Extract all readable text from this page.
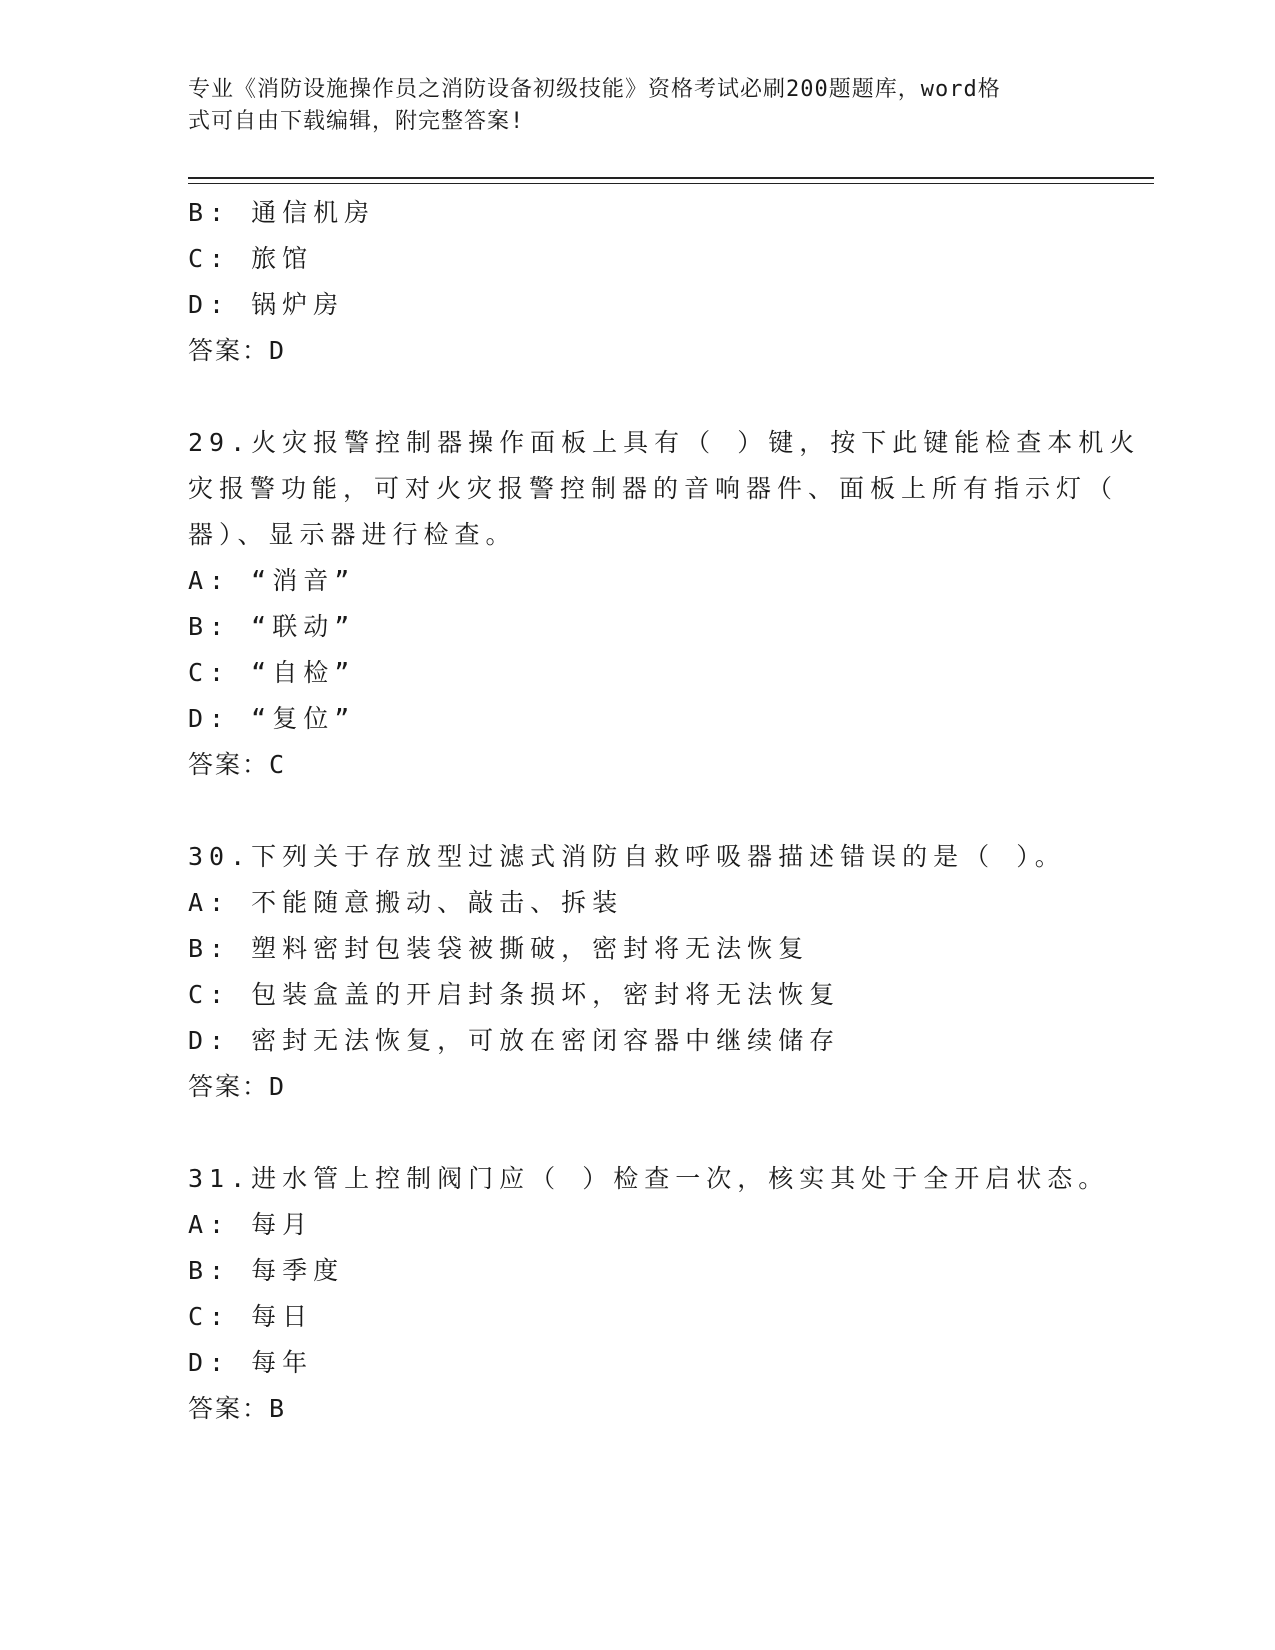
专业《消防设施操作员之消防设备初级技能》资格考试必刷200题题库，word格
式可自由下载编辑，附完整答案!
B: 通信机房
C: 旅馆
D: 锅炉房
答案：D
29.火灾报警控制器操作面板上具有（ ）键，按下此键能检查本机火
灾报警功能，可对火灾报警控制器的音响器件、面板上所有指示灯（
器）、显示器进行检查。
A: “消音”
B: “联动”
C: “自检”
D: “复位”
答案：C
30.下列关于存放型过滤式消防自救呼吸器描述错误的是（ ）。
A: 不能随意搬动、敲击、拆装
B: 塑料密封包装袋被撕破，密封将无法恢复
C: 包装盒盖的开启封条损坏，密封将无法恢复
D: 密封无法恢复，可放在密闭容器中继续储存
答案：D
31.进水管上控制阀门应（ ）检查一次，核实其处于全开启状态。
A: 每月
B: 每季度
C: 每日
D: 每年
答案：B
